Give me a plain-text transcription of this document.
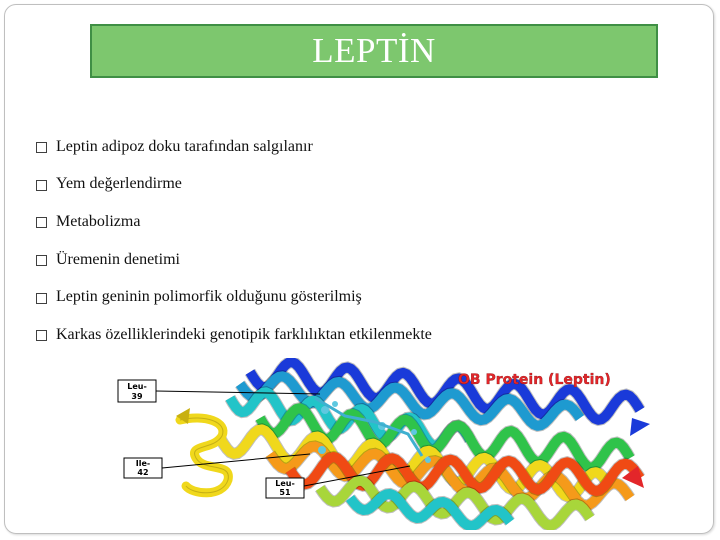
LEPTİN
Leptin adipoz doku tarafından salgılanır
Yem değerlendirme
Metabolizma
Üremenin denetimi
Leptin geninin polimorfik olduğunu gösterilmiş
Karkas özelliklerindeki genotipik farklılıktan etkilenmekte
Leu-
39
Ile-
42
Leu-
51
OB Protein (Leptin)
